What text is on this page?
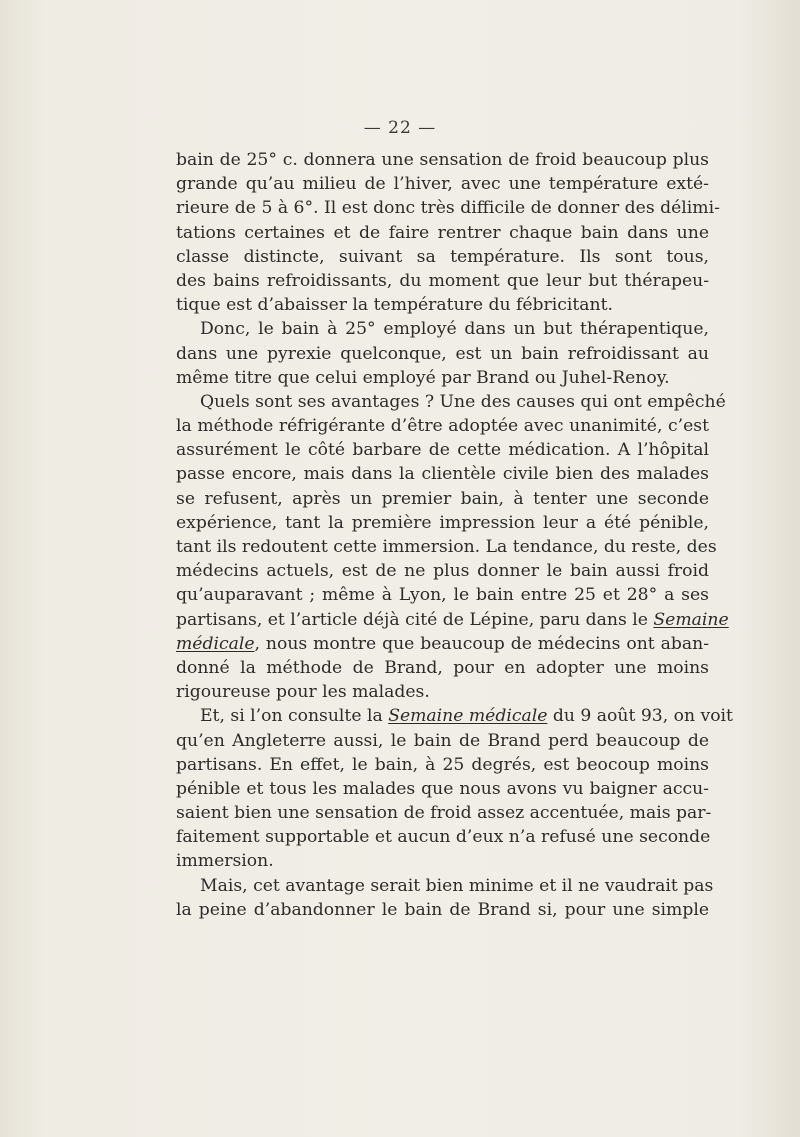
— 22 —
bain de 25° c. donnera une sensation de froid beaucoup plus
grande qu’au milieu de l’hiver, avec une température exté-
rieure de 5 à 6°. Il est donc très difficile de donner des délimi-
tations certaines et de faire rentrer chaque bain dans une
classe distincte, suivant sa température. Ils sont tous,
des bains refroidissants, du moment que leur but thérapeu-
tique est d’abaisser la température du fébricitant.
Donc, le bain à 25° employé dans un but thérapentique,
dans une pyrexie quelconque, est un bain refroidissant au
même titre que celui employé par Brand ou Juhel-Renoy.
Quels sont ses avantages ? Une des causes qui ont empêché
la méthode réfrigérante d’être adoptée avec unanimité, c’est
assurément le côté barbare de cette médication. A l’hôpital
passe encore, mais dans la clientèle civile bien des malades
se refusent, après un premier bain, à tenter une seconde
expérience, tant la première impression leur a été pénible,
tant ils redoutent cette immersion. La tendance, du reste, des
médecins actuels, est de ne plus donner le bain aussi froid
qu’auparavant ; même à Lyon, le bain entre 25 et 28° a ses
partisans, et l’article déjà cité de Lépine, paru dans le Semaine
médicale, nous montre que beaucoup de médecins ont aban-
donné la méthode de Brand, pour en adopter une moins
rigoureuse pour les malades.
Et, si l’on consulte la Semaine médicale du 9 août 93, on voit
qu’en Angleterre aussi, le bain de Brand perd beaucoup de
partisans. En effet, le bain, à 25 degrés, est beocoup moins
pénible et tous les malades que nous avons vu baigner accu-
saient bien une sensation de froid assez accentuée, mais par-
faitement supportable et aucun d’eux n’a refusé une seconde
immersion.
Mais, cet avantage serait bien minime et il ne vaudrait pas
la peine d’abandonner le bain de Brand si, pour une simple
